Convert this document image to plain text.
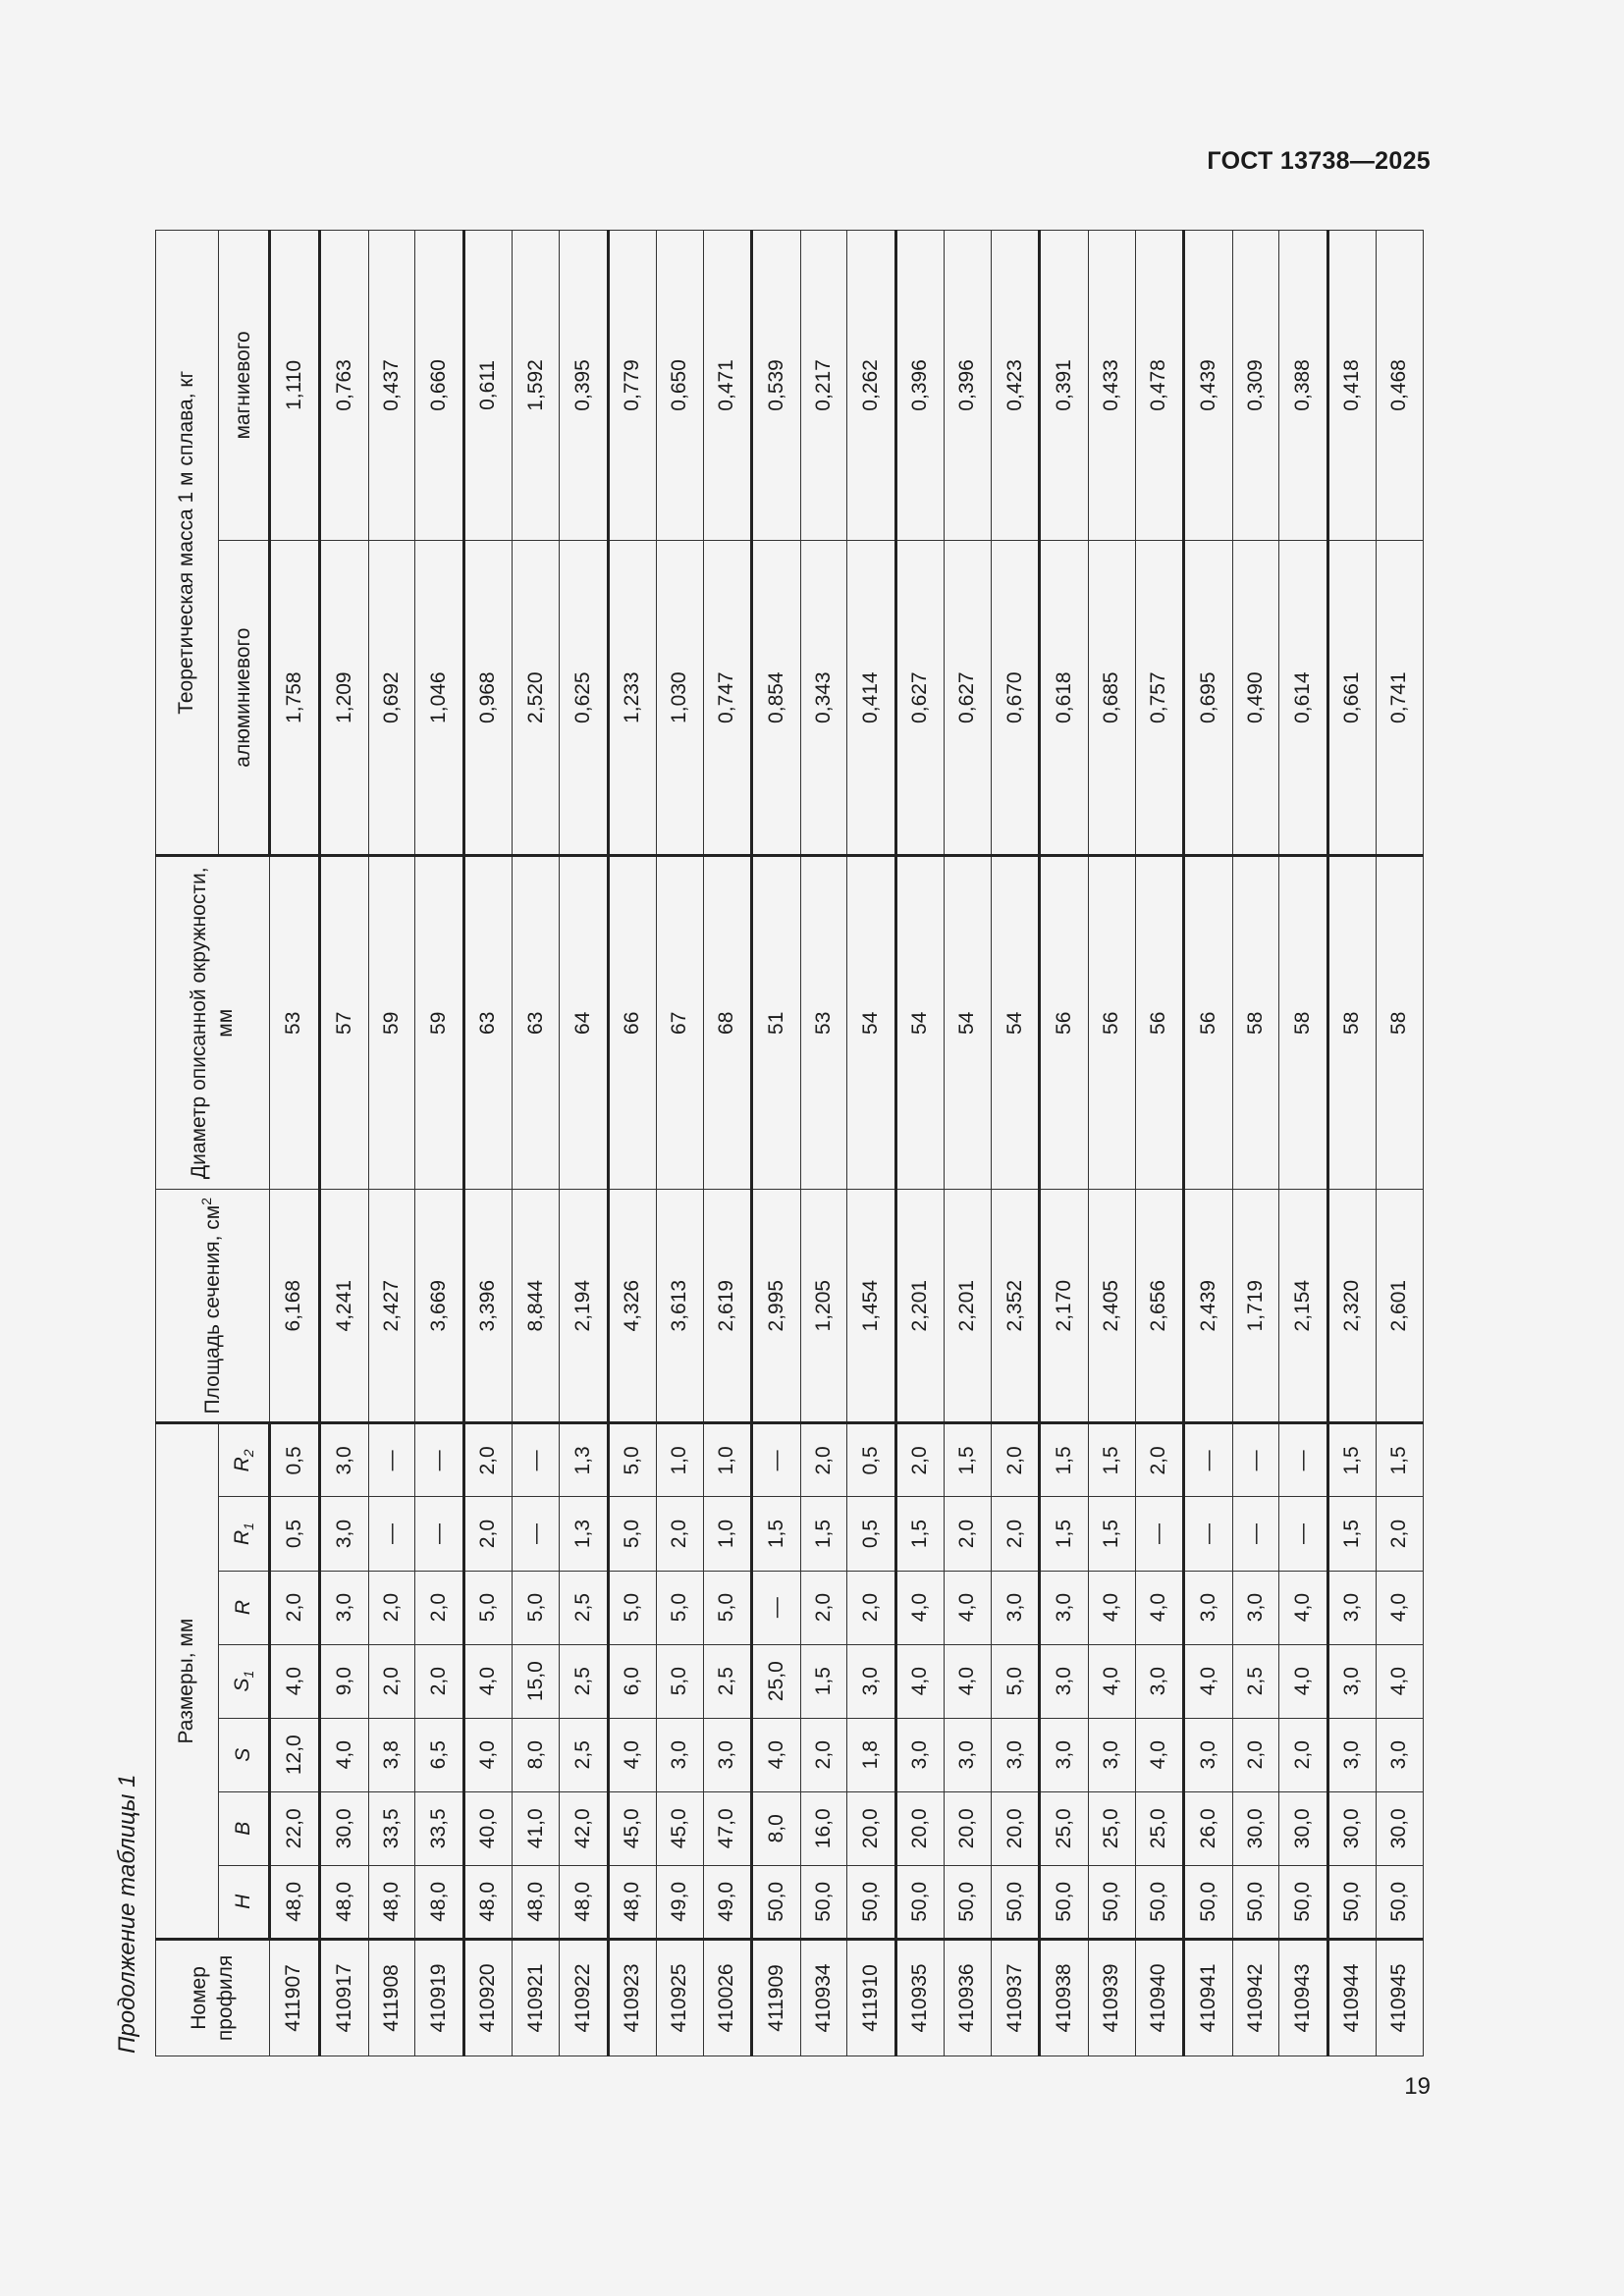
ГОСТ 13738—2025
Продолжение таблицы 1
19
Номер профиля	Размеры, мм							Площадь сечения, $см^2$	Диаметр описанной окружности, мм	Теоретическая масса 1 м сплава, кг	
	H	B	S	$S_1$	R	$R_1$	$R_2$			алюминиевого	магниевого
411907	48,0	22,0	12,0	4,0	2,0	0,5	0,5	6,168	53	1,758	1,110
410917	48,0	30,0	4,0	9,0	3,0	3,0	3,0	4,241	57	1,209	0,763
411908	48,0	33,5	3,8	2,0	2,0	—	—	2,427	59	0,692	0,437
410919	48,0	33,5	6,5	2,0	2,0	—	—	3,669	59	1,046	0,660
410920	48,0	40,0	4,0	4,0	5,0	2,0	2,0	3,396	63	0,968	0,611
410921	48,0	41,0	8,0	15,0	5,0	—	—	8,844	63	2,520	1,592
410922	48,0	42,0	2,5	2,5	2,5	1,3	1,3	2,194	64	0,625	0,395
410923	48,0	45,0	4,0	6,0	5,0	5,0	5,0	4,326	66	1,233	0,779
410925	49,0	45,0	3,0	5,0	5,0	2,0	1,0	3,613	67	1,030	0,650
410026	49,0	47,0	3,0	2,5	5,0	1,0	1,0	2,619	68	0,747	0,471
411909	50,0	8,0	4,0	25,0	—	1,5	—	2,995	51	0,854	0,539
410934	50,0	16,0	2,0	1,5	2,0	1,5	2,0	1,205	53	0,343	0,217
411910	50,0	20,0	1,8	3,0	2,0	0,5	0,5	1,454	54	0,414	0,262
410935	50,0	20,0	3,0	4,0	4,0	1,5	2,0	2,201	54	0,627	0,396
410936	50,0	20,0	3,0	4,0	4,0	2,0	1,5	2,201	54	0,627	0,396
410937	50,0	20,0	3,0	5,0	3,0	2,0	2,0	2,352	54	0,670	0,423
410938	50,0	25,0	3,0	3,0	3,0	1,5	1,5	2,170	56	0,618	0,391
410939	50,0	25,0	3,0	4,0	4,0	1,5	1,5	2,405	56	0,685	0,433
410940	50,0	25,0	4,0	3,0	4,0	—	2,0	2,656	56	0,757	0,478
410941	50,0	26,0	3,0	4,0	3,0	—	—	2,439	56	0,695	0,439
410942	50,0	30,0	2,0	2,5	3,0	—	—	1,719	58	0,490	0,309
410943	50,0	30,0	2,0	4,0	4,0	—	—	2,154	58	0,614	0,388
410944	50,0	30,0	3,0	3,0	3,0	1,5	1,5	2,320	58	0,661	0,418
410945	50,0	30,0	3,0	4,0	4,0	2,0	1,5	2,601	58	0,741	0,468
